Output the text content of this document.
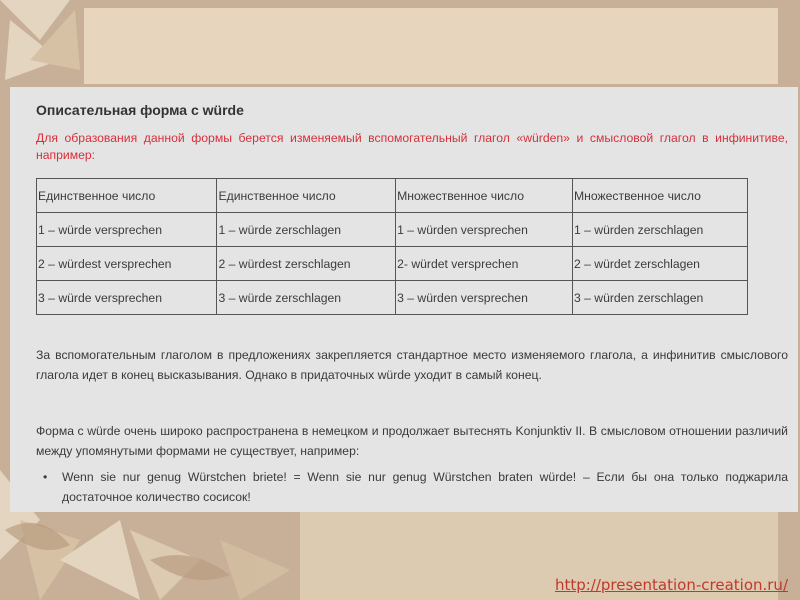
Описательная форма с würde

Для образования данной формы берется изменяемый вспомогательный глагол «würden» и смысловой глагол в инфинитиве, например:

Единственное число	Единственное число	Множественное число	Множественное число
1 – würde versprechen	1 – würde zerschlagen	1 – würden versprechen	1 – würden zerschlagen
2 – würdest versprechen	2 – würdest zerschlagen	2- würdet versprechen	2 – würdet zerschlagen
3 – würde versprechen	3 – würde zerschlagen	3 – würden versprechen	3 – würden zerschlagen

За вспомогательным глаголом в предложениях закрепляется стандартное место изменяемого глагола, а инфинитив смыслового глагола идет в конец высказывания. Однако в придаточных würde уходит в самый конец.

Форма с würde очень широко распространена в немецком и продолжает вытеснять Konjunktiv II. В смысловом отношении различий между упомянутыми формами не существует, например:

• Wenn sie nur genug Würstchen briete! = Wenn sie nur genug Würstchen braten würde! – Если бы она только поджарила достаточное количество сосисок!
http://presentation-creation.ru/
